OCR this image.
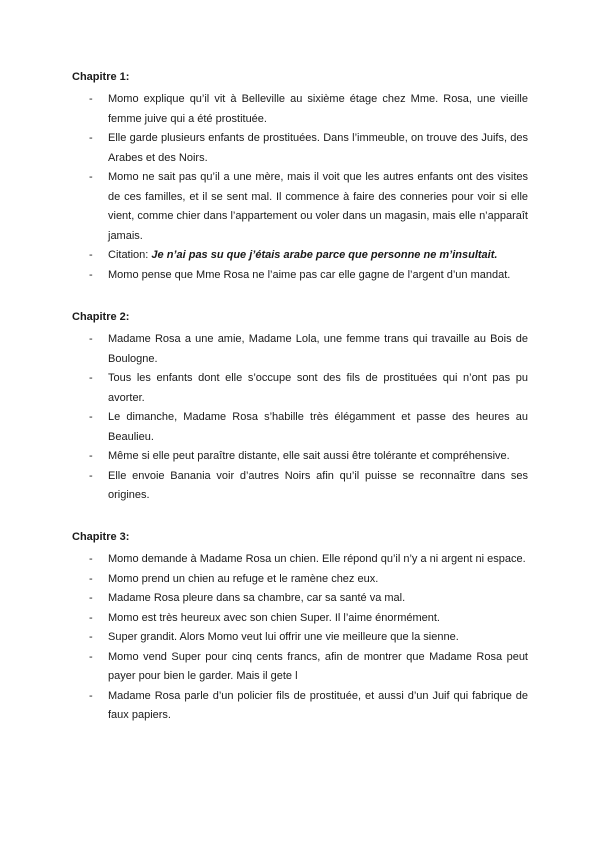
Chapitre 1:
- Momo explique qu’il vit à Belleville au sixième étage chez Mme. Rosa, une vieille femme juive qui a été prostituée.
- Elle garde plusieurs enfants de prostituées. Dans l’immeuble, on trouve des Juifs, des Arabes et des Noirs.
- Momo ne sait pas qu’il a une mère, mais il voit que les autres enfants ont des visites de ces familles, et il se sent mal. Il commence à faire des conneries pour voir si elle vient, comme chier dans l’appartement ou voler dans un magasin, mais elle n’apparaît jamais.
- Citation: Je n’ai pas su que j’étais arabe parce que personne ne m’insultait.
- Momo pense que Mme Rosa ne l’aime pas car elle gagne de l’argent d’un mandat.
Chapitre 2:
- Madame Rosa a une amie, Madame Lola, une femme trans qui travaille au Bois de Boulogne.
- Tous les enfants dont elle s’occupe sont des fils de prostituées qui n’ont pas pu avorter.
- Le dimanche, Madame Rosa s’habille très élégamment et passe des heures au Beaulieu.
- Même si elle peut paraître distante, elle sait aussi être tolérante et compréhensive.
- Elle envoie Banania voir d’autres Noirs afin qu’il puisse se reconnaître dans ses origines.
Chapitre 3:
- Momo demande à Madame Rosa un chien. Elle répond qu’il n’y a ni argent ni espace.
- Momo prend un chien au refuge et le ramène chez eux.
- Madame Rosa pleure dans sa chambre, car sa santé va mal.
- Momo est très heureux avec son chien Super. Il l’aime énormément.
- Super grandit. Alors Momo veut lui offrir une vie meilleure que la sienne.
- Momo vend Super pour cinq cents francs, afin de montrer que Madame Rosa peut payer pour bien le garder. Mais il gete l
- Madame Rosa parle d’un policier fils de prostituée, et aussi d’un Juif qui fabrique de faux papiers.
